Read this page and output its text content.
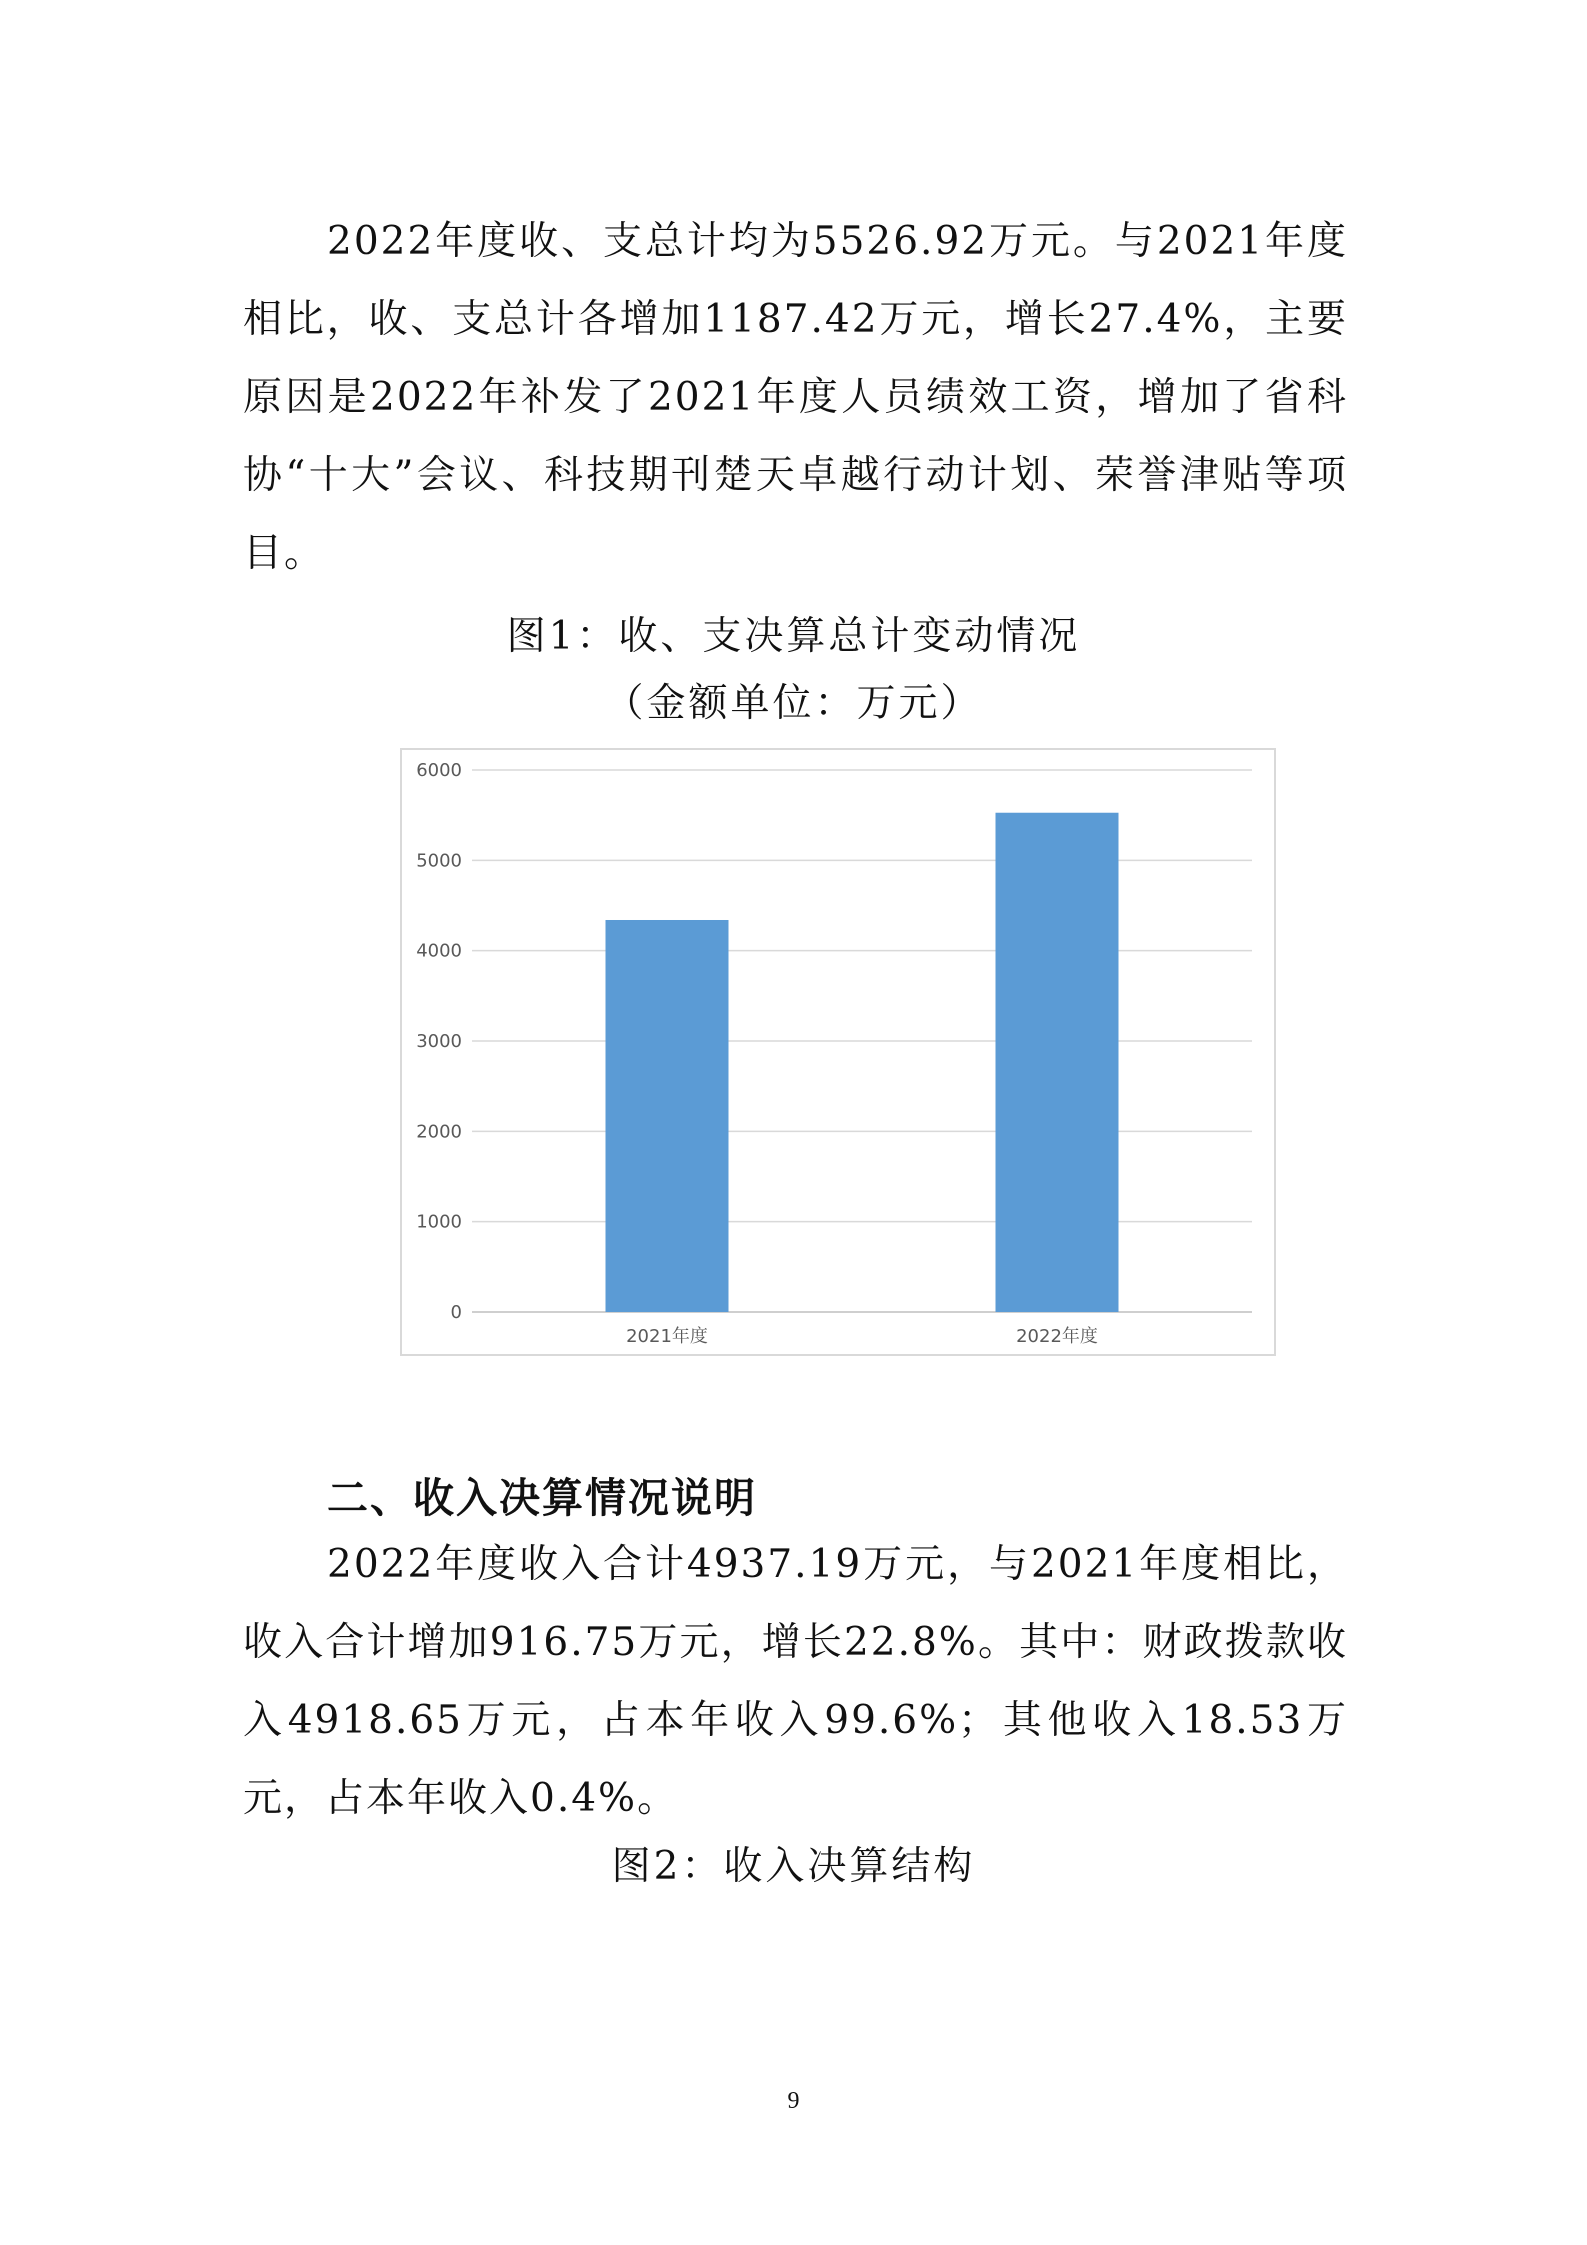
2022年度收、支总计均为5526.92万元。与2021年度相比，收、支总计各增加1187.42万元，增长27.4%，主要原因是2022年补发了2021年度人员绩效工资，增加了省科协“十大”会议、科技期刊楚天卓越行动计划、荣誉津贴等项目。

图1：收、支决算总计变动情况

（金额单位：万元）

0
1000
2000
3000
4000
5000
6000
2021年度	2022年度
二、收入决算情况说明

2022年度收入合计4937.19万元，与2021年度相比，收入合计增加916.75万元，增长22.8%。其中：财政拨款收入4918.65万元，占本年收入99.6%；其他收入18.53万元，占本年收入0.4%。

图2：收入决算结构

9
